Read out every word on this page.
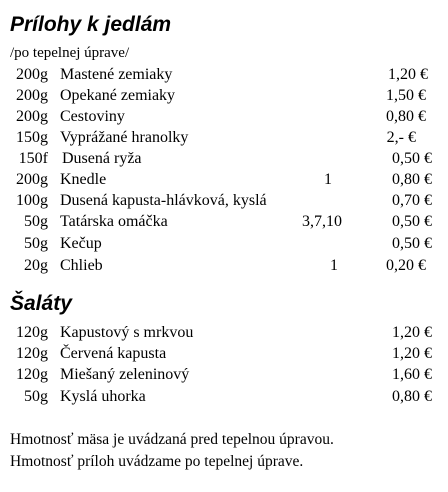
Prílohy k jedlám
/po tepelnej úprave/
200g Mastené zemiaky	1,20 €
200g Opekané zemiaky	1,50 €
200g Cestoviny	0,80 €
150g Vyprážané hranolky	2,- €
150f Dusená ryža	0,50 €
200g Knedle	1	0,80 €
100g Dusená kapusta-hlávková, kyslá	0,70 €
50g Tatárska omáčka	3,7,10	0,50 €
50g Kečup	0,50 €
20g Chlieb	1	0,20 €
Šaláty
120g Kapustový s mrkvou	1,20 €
120g Červená kapusta	1,20 €
120g Miešaný zeleninový	1,60 €
50g Kyslá uhorka	0,80 €
Hmotnosť mäsa je uvádzaná pred tepelnou úpravou.
Hmotnosť príloh uvádzame po tepelnej úprave.
